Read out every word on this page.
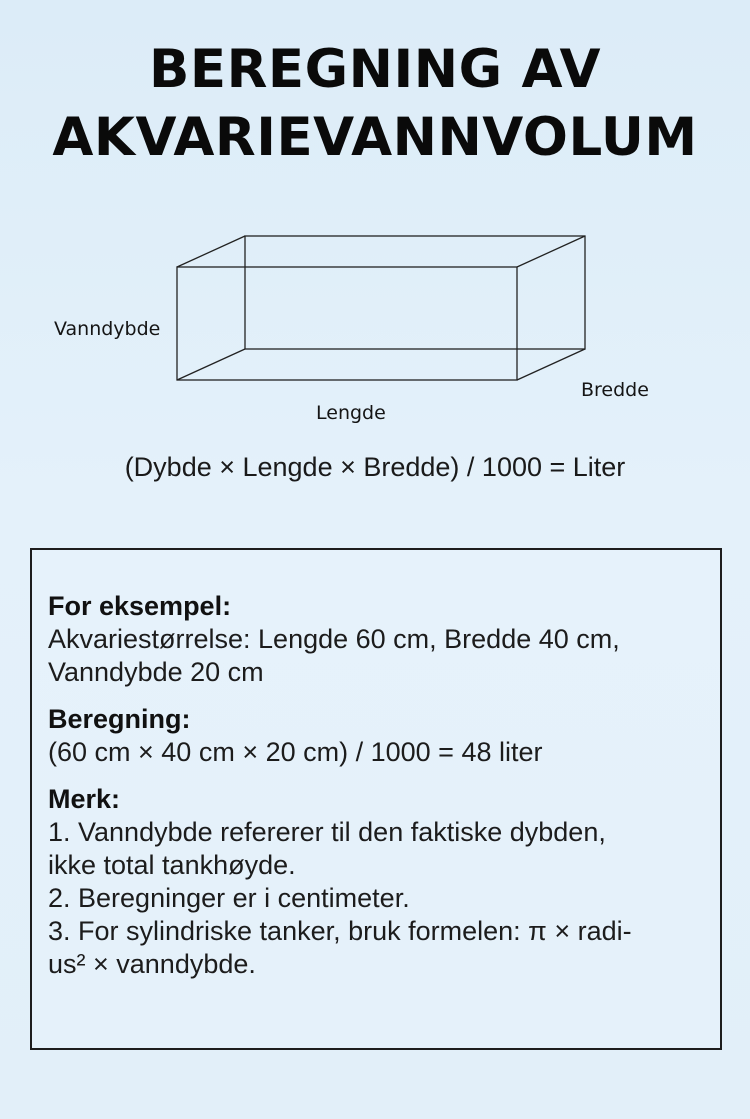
BEREGNING AV
AKVARIEVANNVOLUM
Vanndybde
Lengde
Bredde
(Dybde × Lengde × Bredde) / 1000 = Liter
For eksempel:
Akvariestørrelse: Lengde 60 cm, Bredde 40 cm,
Vanndybde 20 cm
Beregning:
(60 cm × 40 cm × 20 cm) / 1000 = 48 liter
Merk:
1. Vanndybde refererer til den faktiske dybden,
ikke total tankhøyde.
2. Beregninger er i centimeter.
3. For sylindriske tanker, bruk formelen: π × radi-
us² × vanndybde.
